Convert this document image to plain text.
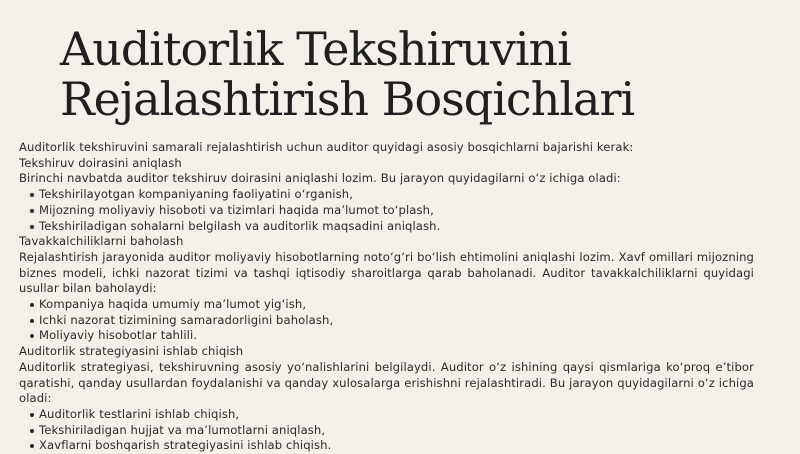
Auditorlik Tekshiruvini
Rejalashtirish Bosqichlari

Auditorlik tekshiruvini samarali rejalashtirish uchun auditor quyidagi asosiy bosqichlarni bajarishi kerak:

Tekshiruv doirasini aniqlash

Birinchi navbatda auditor tekshiruv doirasini aniqlashi lozim. Bu jarayon quyidagilarni o‘z ichiga oladi:

Tekshirilayotgan kompaniyaning faoliyatini o‘rganish,
Mijozning moliyaviy hisoboti va tizimlari haqida ma’lumot to‘plash,
Tekshiriladigan sohalarni belgilash va auditorlik maqsadini aniqlash.

Tavakkalchiliklarni baholash

Rejalashtirish jarayonida auditor moliyaviy hisobotlarning noto‘g‘ri bo‘lish ehtimolini aniqlashi lozim. Xavf omillari mijozning biznes modeli, ichki nazorat tizimi va tashqi iqtisodiy sharoitlarga qarab baholanadi. Auditor tavakkalchiliklarni quyidagi usullar bilan baholaydi:

Kompaniya haqida umumiy ma’lumot yig‘ish,
Ichki nazorat tizimining samaradorligini baholash,
Moliyaviy hisobotlar tahlili.

Auditorlik strategiyasini ishlab chiqish

Auditorlik strategiyasi, tekshiruvning asosiy yo‘nalishlarini belgilaydi. Auditor o‘z ishining qaysi qismlariga ko‘proq e’tibor qaratishi, qanday usullardan foydalanishi va qanday xulosalarga erishishni rejalashtiradi. Bu jarayon quyidagilarni o‘z ichiga oladi:

Auditorlik testlarini ishlab chiqish,
Tekshiriladigan hujjat va ma’lumotlarni aniqlash,
Xavflarni boshqarish strategiyasini ishlab chiqish.
